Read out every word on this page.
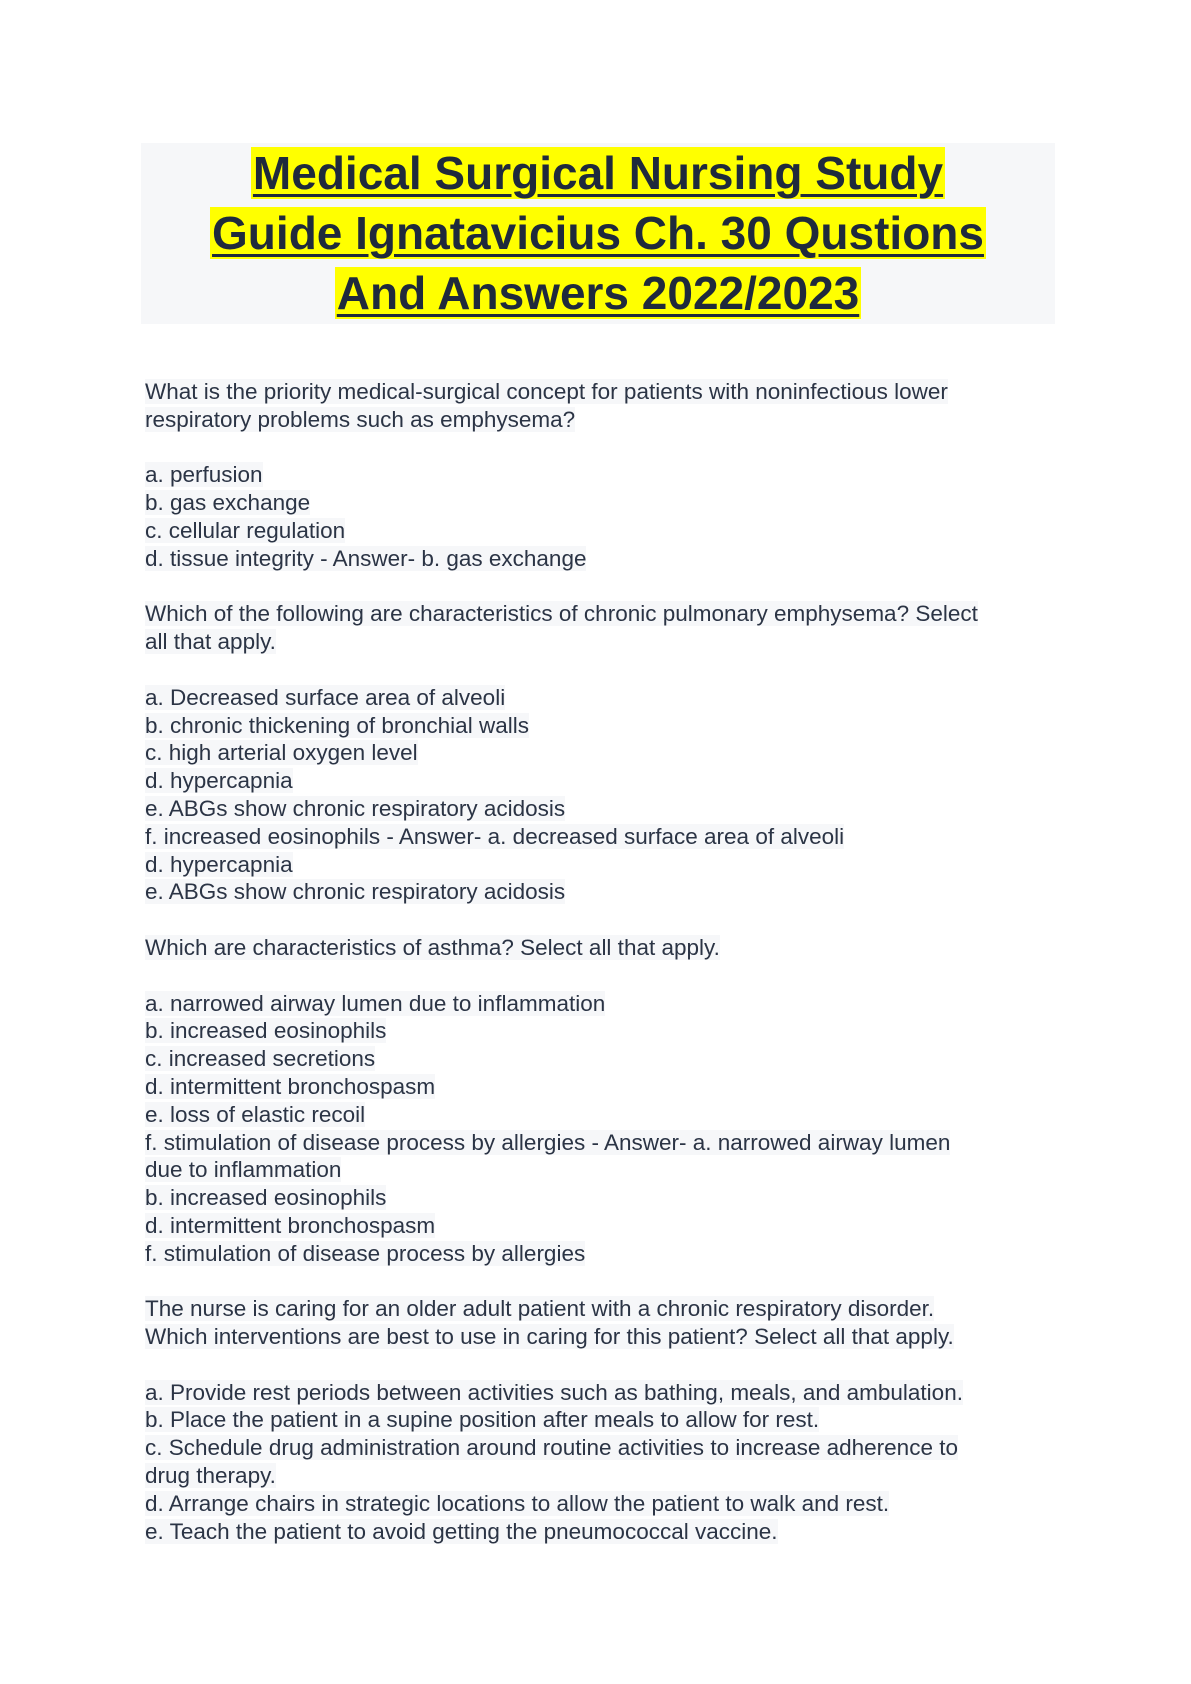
Medical Surgical Nursing Study
Guide Ignatavicius Ch. 30 Qustions
And Answers 2022/2023
What is the priority medical-surgical concept for patients with noninfectious lower
respiratory problems such as emphysema?
a. perfusion
b. gas exchange
c. cellular regulation
d. tissue integrity - Answer- b. gas exchange
Which of the following are characteristics of chronic pulmonary emphysema? Select
all that apply.
a. Decreased surface area of alveoli
b. chronic thickening of bronchial walls
c. high arterial oxygen level
d. hypercapnia
e. ABGs show chronic respiratory acidosis
f. increased eosinophils - Answer- a. decreased surface area of alveoli
d. hypercapnia
e. ABGs show chronic respiratory acidosis
Which are characteristics of asthma? Select all that apply.
a. narrowed airway lumen due to inflammation
b. increased eosinophils
c. increased secretions
d. intermittent bronchospasm
e. loss of elastic recoil
f. stimulation of disease process by allergies - Answer- a. narrowed airway lumen
due to inflammation
b. increased eosinophils
d. intermittent bronchospasm
f. stimulation of disease process by allergies
The nurse is caring for an older adult patient with a chronic respiratory disorder.
Which interventions are best to use in caring for this patient? Select all that apply.
a. Provide rest periods between activities such as bathing, meals, and ambulation.
b. Place the patient in a supine position after meals to allow for rest.
c. Schedule drug administration around routine activities to increase adherence to
drug therapy.
d. Arrange chairs in strategic locations to allow the patient to walk and rest.
e. Teach the patient to avoid getting the pneumococcal vaccine.
